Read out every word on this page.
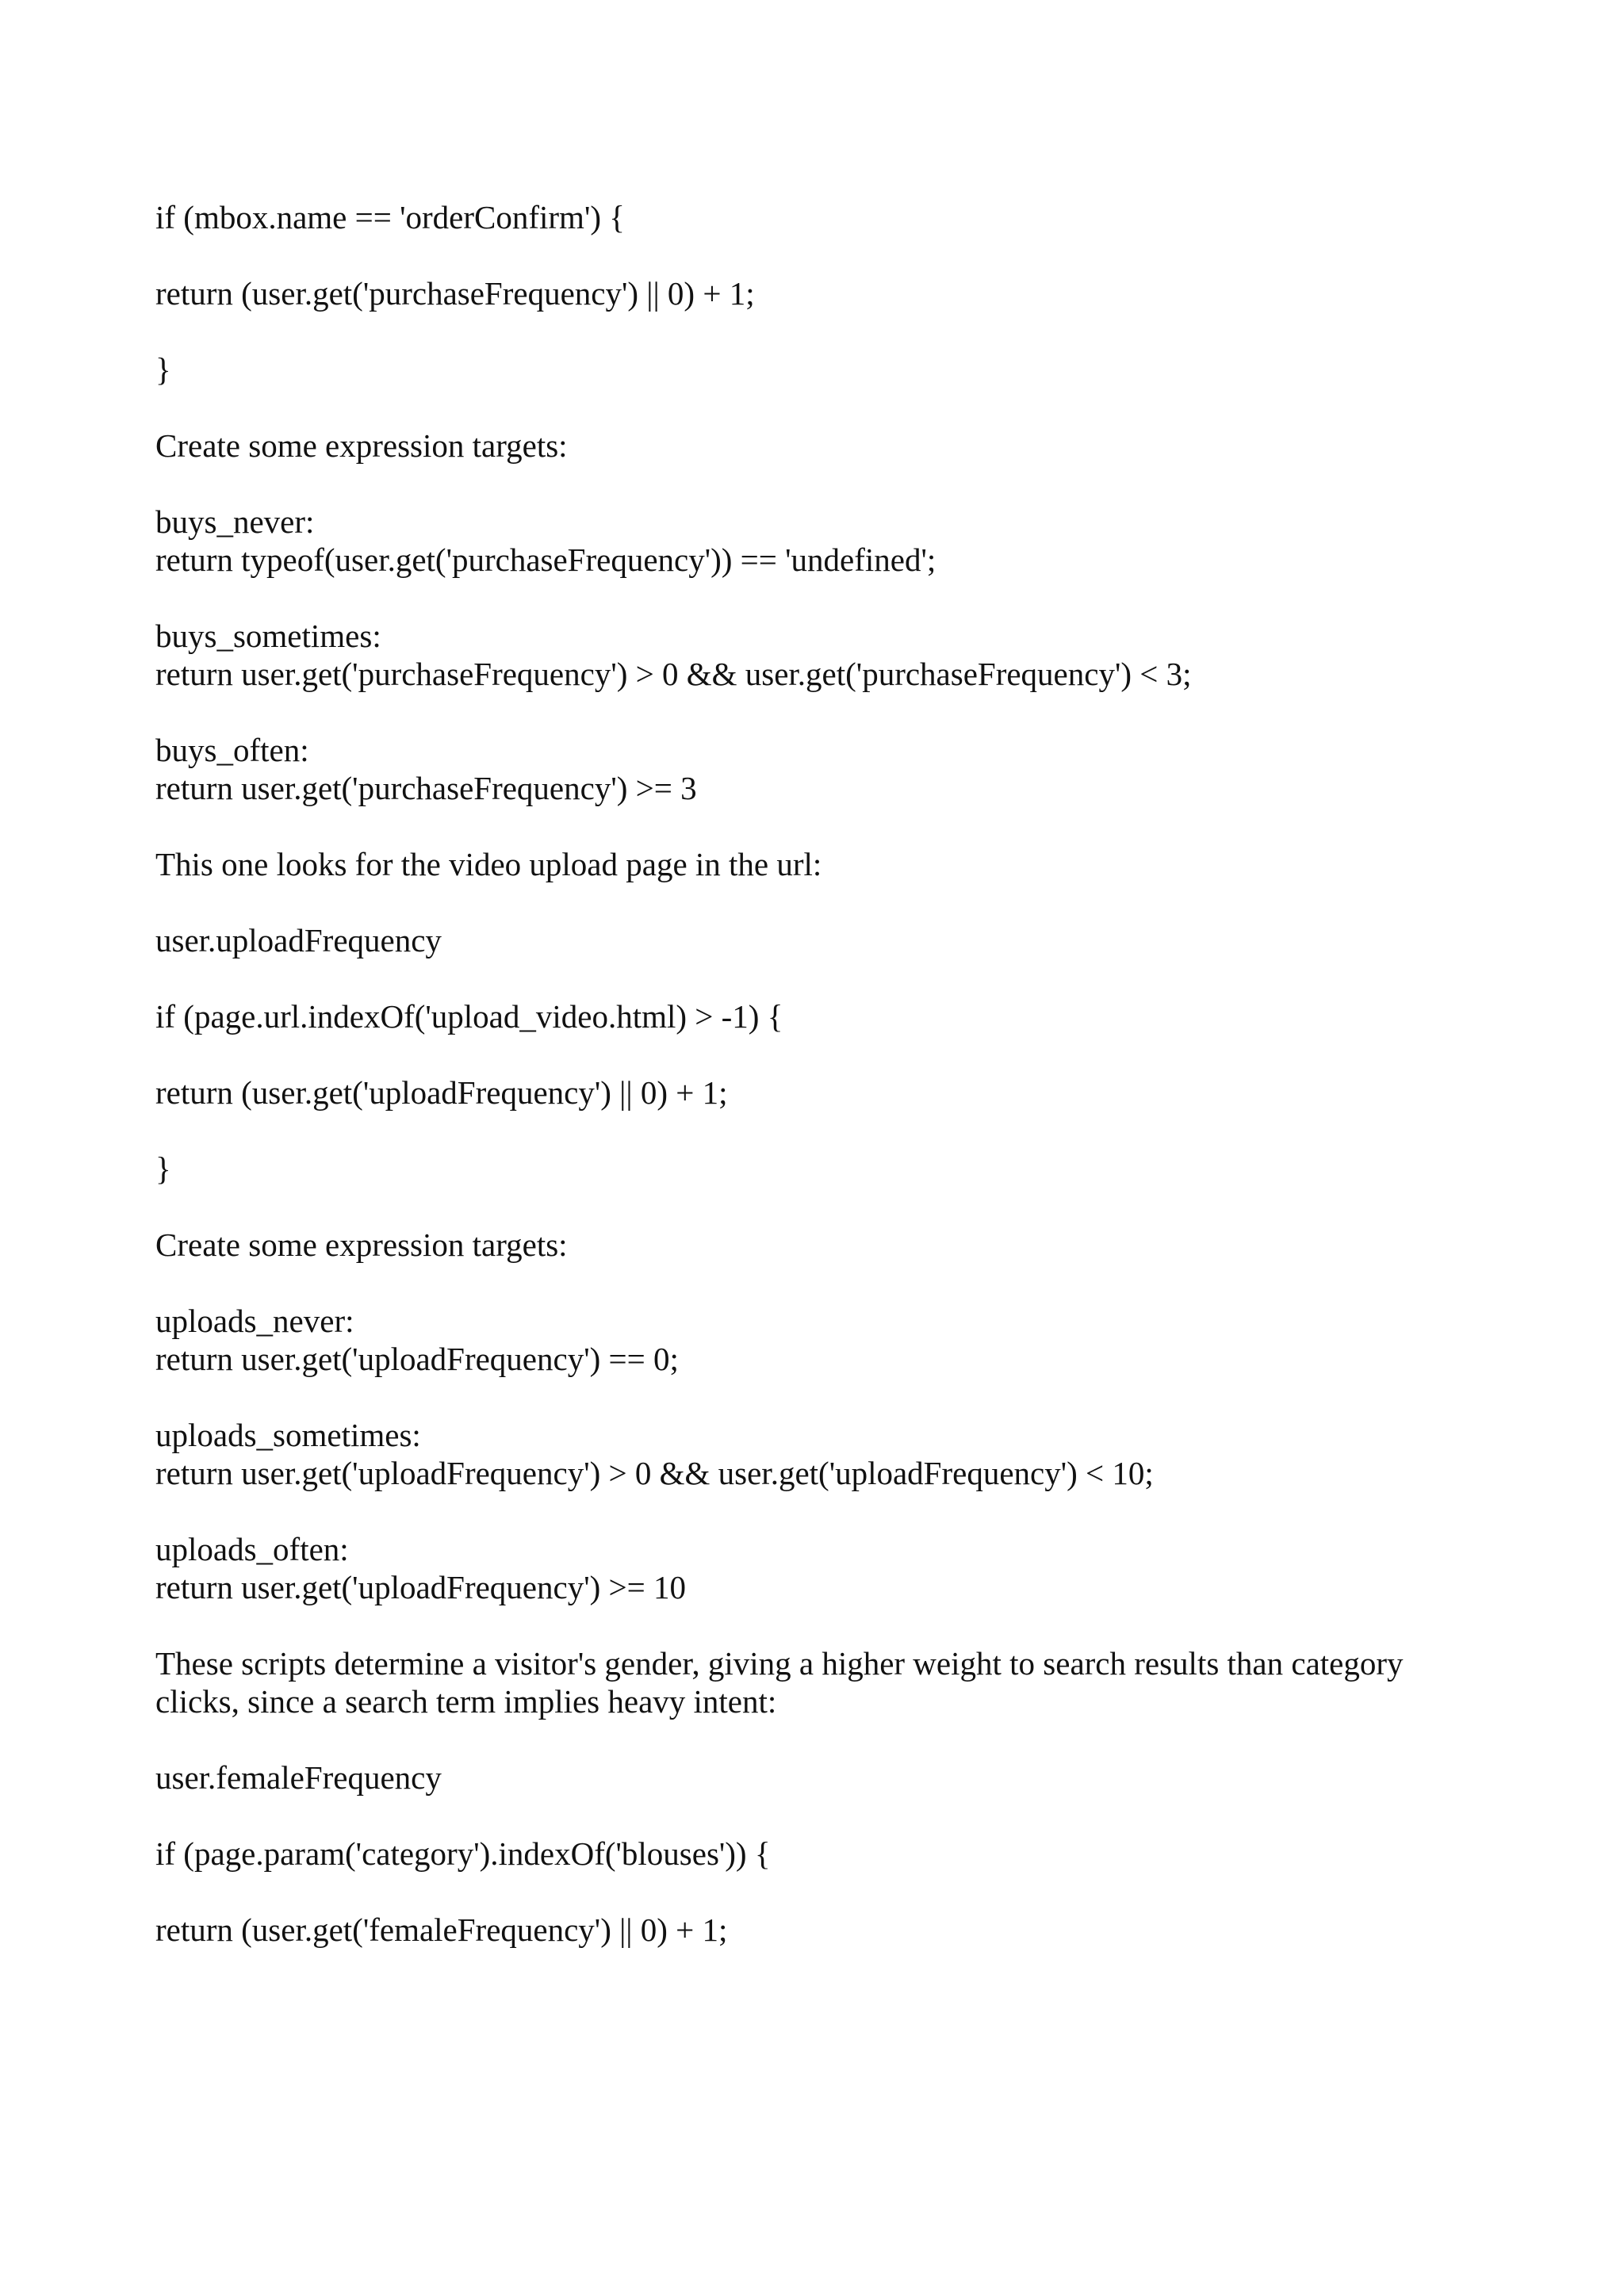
if (mbox.name == 'orderConfirm') {
return (user.get('purchaseFrequency') || 0) + 1;
}
Create some expression targets:
buys_never:
return typeof(user.get('purchaseFrequency')) == 'undefined';
buys_sometimes:
return user.get('purchaseFrequency') > 0 && user.get('purchaseFrequency') < 3;
buys_often:
return user.get('purchaseFrequency') >= 3
This one looks for the video upload page in the url:
user.uploadFrequency
if (page.url.indexOf('upload_video.html) > -1) {
return (user.get('uploadFrequency') || 0) + 1;
}
Create some expression targets:
uploads_never:
return user.get('uploadFrequency') == 0;
uploads_sometimes:
return user.get('uploadFrequency') > 0 && user.get('uploadFrequency') < 10;
uploads_often:
return user.get('uploadFrequency') >= 10
These scripts determine a visitor's gender, giving a higher weight to search results than category clicks, since a search term implies heavy intent:
user.femaleFrequency
if (page.param('category').indexOf('blouses')) {
return (user.get('femaleFrequency') || 0) + 1;
